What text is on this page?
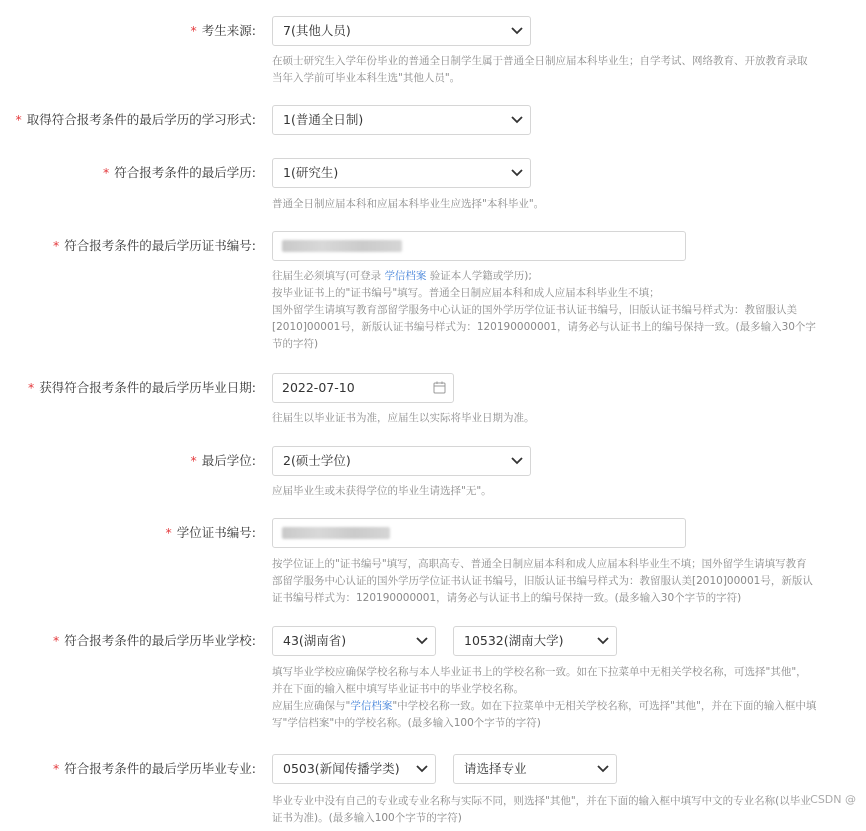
* 考生来源:	7(其他人员)
在硕士研究生入学年份毕业的普通全日制学生属于普通全日制应届本科毕业生；自学考试、网络教育、开放教育录取当年入学前可毕业本科生选"其他人员"。
* 取得符合报考条件的最后学历的学习形式:	1(普通全日制)
* 符合报考条件的最后学历:	1(研究生)
普通全日制应届本科和应届本科毕业生应选择"本科毕业"。
* 符合报考条件的最后学历证书编号:
往届生必须填写(可登录 学信档案 验证本人学籍或学历);
按毕业证书上的"证书编号"填写。普通全日制应届本科和成人应届本科毕业生不填；
国外留学生请填写教育部留学服务中心认证的国外学历学位证书认证书编号，旧版认证书编号样式为：教留服认美[2010]00001号，新版认证书编号样式为：120190000001，请务必与认证书上的编号保持一致。(最多输入30个字节的字符)
* 获得符合报考条件的最后学历毕业日期:	2022-07-10
往届生以毕业证书为准，应届生以实际将毕业日期为准。
* 最后学位:	2(硕士学位)
应届毕业生或未获得学位的毕业生请选择"无"。
* 学位证书编号:
按学位证上的"证书编号"填写，高职高专、普通全日制应届本科和成人应届本科毕业生不填；国外留学生请填写教育部留学服务中心认证的国外学历学位证书认证书编号，旧版认证书编号样式为：教留服认美[2010]00001号，新版认证书编号样式为：120190000001，请务必与认证书上的编号保持一致。(最多输入30个字节的字符)
* 符合报考条件的最后学历毕业学校:	43(湖南省)	10532(湖南大学)
填写毕业学校应确保学校名称与本人毕业证书上的学校名称一致。如在下拉菜单中无相关学校名称，可选择"其他"，并在下面的输入框中填写毕业证书中的毕业学校名称。
应届生应确保与"学信档案"中学校名称一致。如在下拉菜单中无相关学校名称，可选择"其他"，并在下面的输入框中填写"学信档案"中的学校名称。(最多输入100个字节的字符)
* 符合报考条件的最后学历毕业专业:	0503(新闻传播学类)	请选择专业
毕业专业中没有自己的专业或专业名称与实际不同，则选择"其他"，并在下面的输入框中填写中文的专业名称(以毕业证书为准)。(最多输入100个字节的字符)
CSDN @
